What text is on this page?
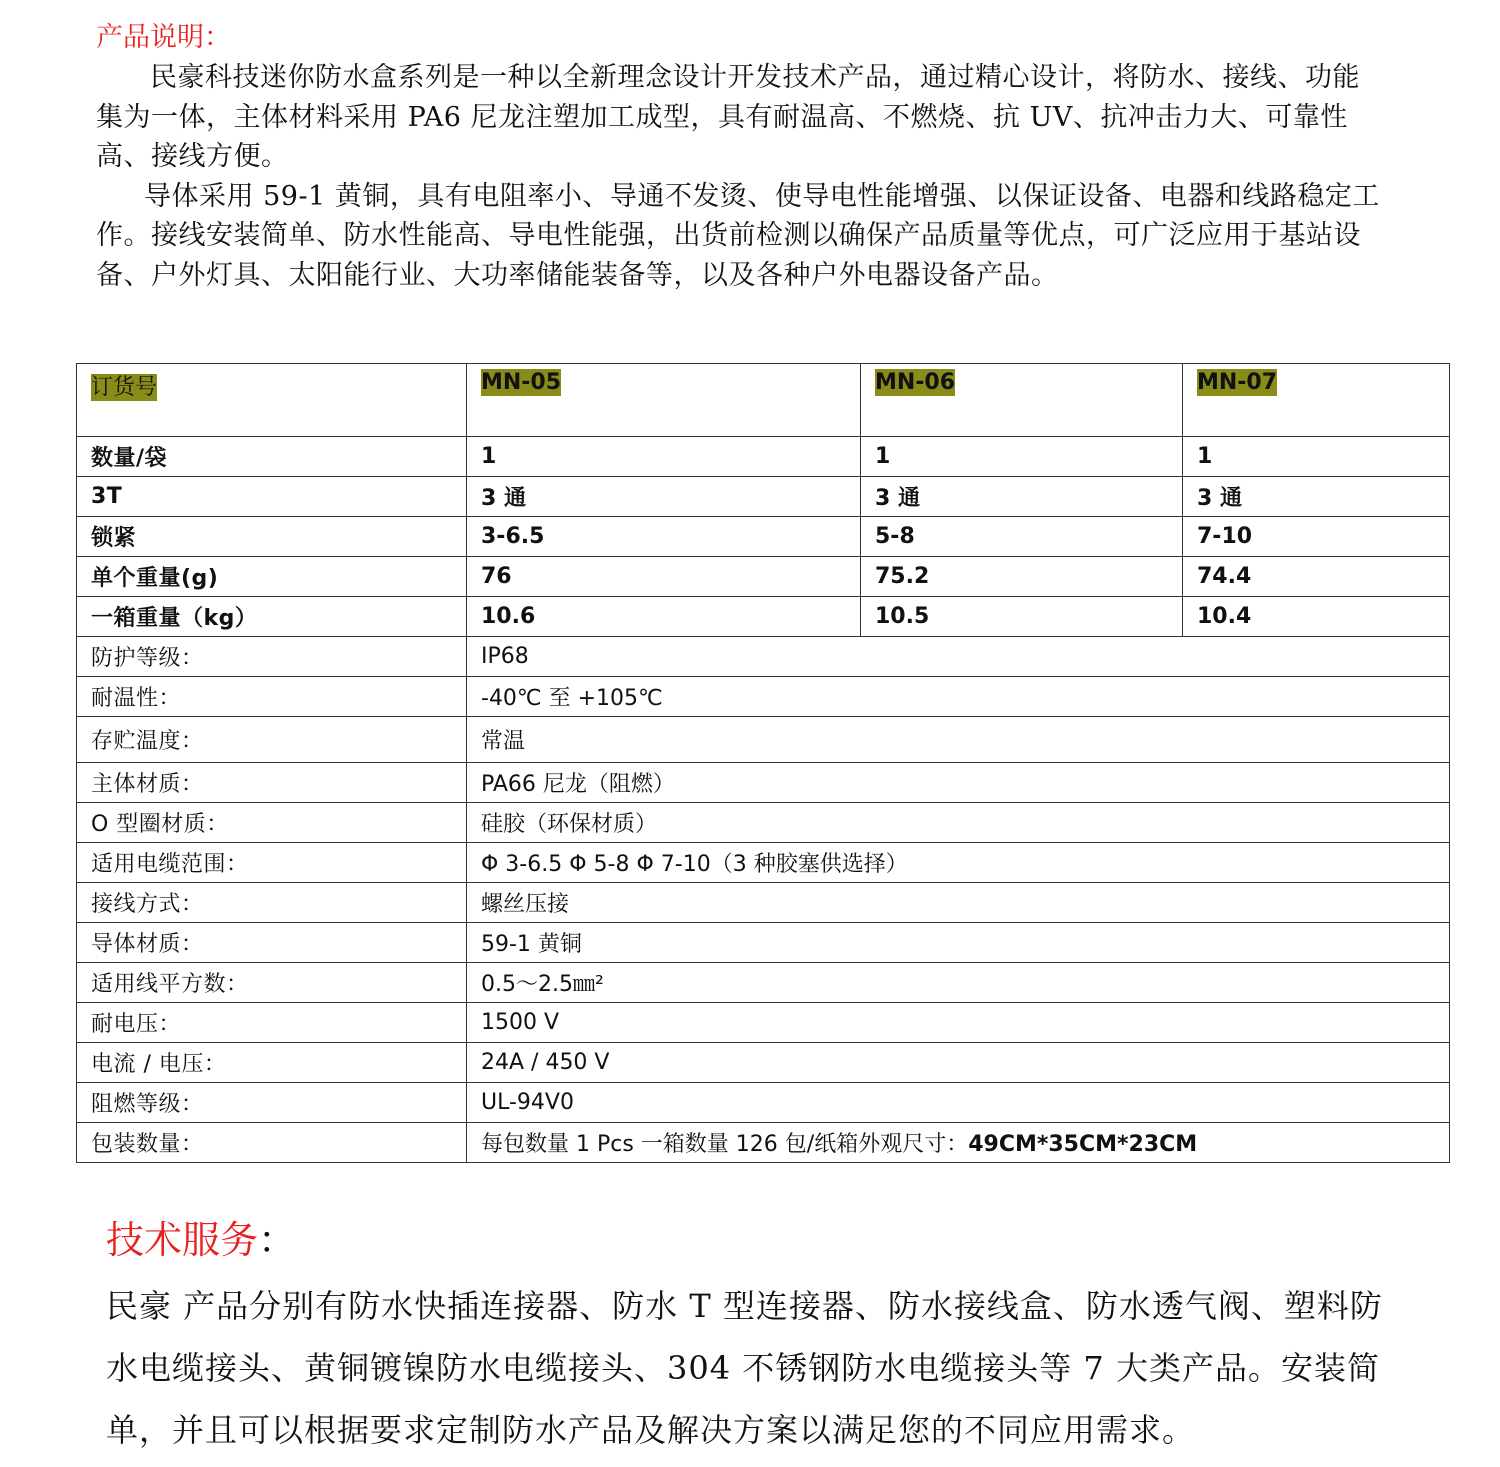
产品说明：

民豪科技迷你防水盒系列是一种以全新理念设计开发技术产品，通过精心设计，将防水、接线、功能集为一体，主体材料采用 PA6 尼龙注塑加工成型，具有耐温高、不燃烧、抗 UV、抗冲击力大、可靠性高、接线方便。

导体采用 59-1 黄铜，具有电阻率小、导通不发烫、使导电性能增强、以保证设备、电器和线路稳定工作。接线安装简单、防水性能高、导电性能强，出货前检测以确保产品质量等优点，可广泛应用于基站设备、户外灯具、太阳能行业、大功率储能装备等，以及各种户外电器设备产品。

订货号	MN-05	MN-06	MN-07
数量/袋	1	1	1
3T	3 通	3 通	3 通
锁紧	3-6.5	5-8	7-10
单个重量(g)	76	75.2	74.4
一箱重量（kg）	10.6	10.5	10.4
防护等级：	IP68		
耐温性：	-40℃ 至 +105℃		
存贮温度：	常温		
主体材质：	PA66 尼龙（阻燃）		
O 型圈材质：	硅胶（环保材质）		
适用电缆范围：	Φ 3-6.5 Φ 5-8 Φ 7-10（3 种胶塞供选择）		
接线方式：	螺丝压接		
导体材质：	59-1 黄铜		
适用线平方数：	0.5～2.5㎜²		
耐电压：	1500 V		
电流 / 电压：	24A / 450 V		
阻燃等级：	UL-94V0		
包装数量：	每包数量 1 Pcs 一箱数量 126 包/纸箱外观尺寸：49CM*35CM*23CM		
技术服务：

民豪 产品分别有防水快插连接器、防水 T 型连接器、防水接线盒、防水透气阀、塑料防水电缆接头、黄铜镀镍防水电缆接头、304 不锈钢防水电缆接头等 7 大类产品。安装简单，并且可以根据要求定制防水产品及解决方案以满足您的不同应用需求。
